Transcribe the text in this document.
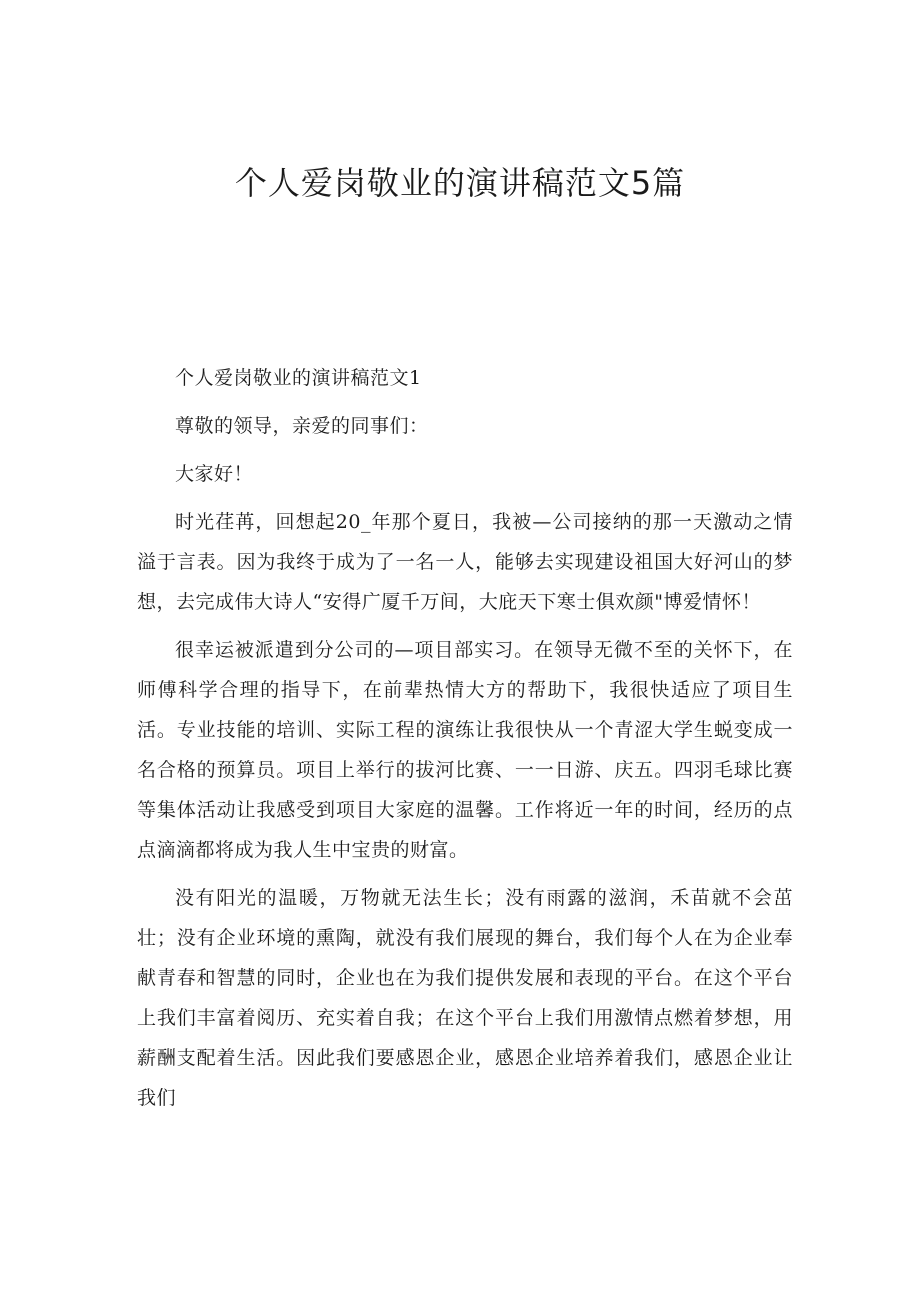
个人爱岗敬业的演讲稿范文5篇

个人爱岗敬业的演讲稿范文1

尊敬的领导，亲爱的同事们：

大家好！

时光荏苒，回想起20_年那个夏日，我被—公司接纳的那一天激动之情溢于言表。因为我终于成为了一名一人，能够去实现建设祖国大好河山的梦想，去完成伟大诗人“安得广厦千万间，大庇天下寒士俱欢颜"博爱情怀！

很幸运被派遣到分公司的—项目部实习。在领导无微不至的关怀下，在师傅科学合理的指导下，在前辈热情大方的帮助下，我很快适应了项目生活。专业技能的培训、实际工程的演练让我很快从一个青涩大学生蜕变成一名合格的预算员。项目上举行的拔河比赛、一一日游、庆五。四羽毛球比赛等集体活动让我感受到项目大家庭的温馨。工作将近一年的时间，经历的点点滴滴都将成为我人生中宝贵的财富。

没有阳光的温暖，万物就无法生长；没有雨露的滋润，禾苗就不会茁壮；没有企业环境的熏陶，就没有我们展现的舞台，我们每个人在为企业奉献青春和智慧的同时，企业也在为我们提供发展和表现的平台。在这个平台上我们丰富着阅历、充实着自我；在这个平台上我们用激情点燃着梦想，用薪酬支配着生活。因此我们要感恩企业，感恩企业培养着我们，感恩企业让我们
